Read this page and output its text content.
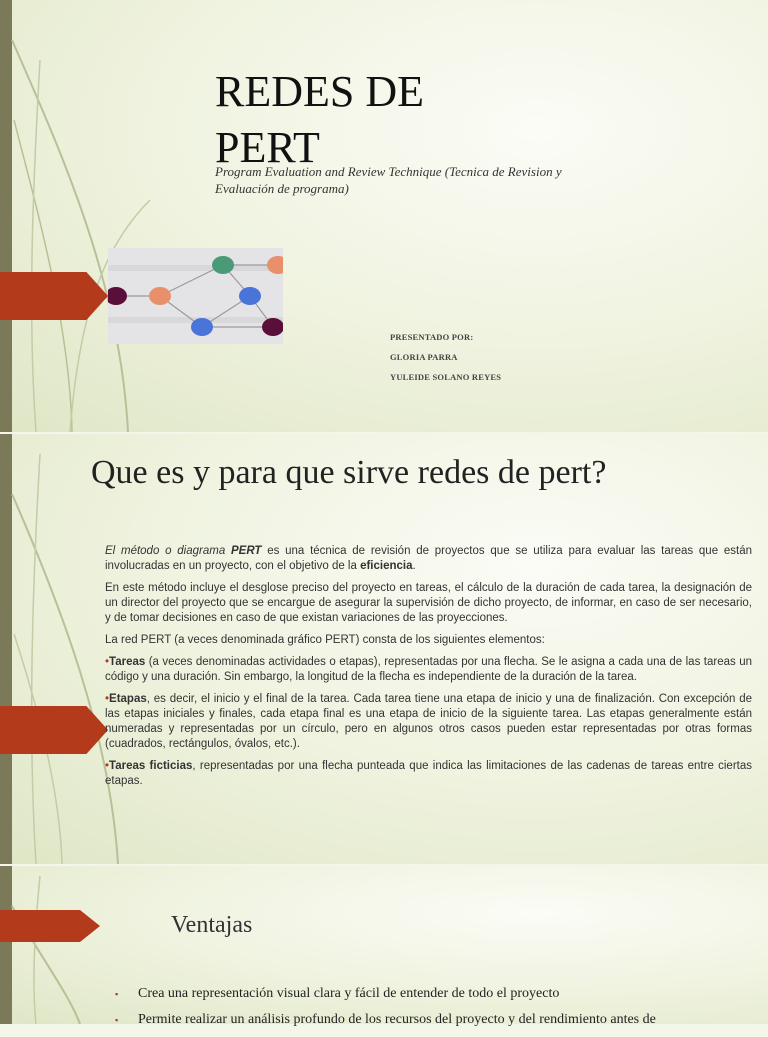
REDES DE PERT
Program Evaluation and Review Technique (Tecnica de Revision y Evaluación de programa)
PRESENTADO POR:
GLORIA PARRA
YULEIDE SOLANO REYES
Que es y para que sirve redes de pert?

El método o diagrama PERT es una técnica de revisión de proyectos que se utiliza para evaluar las tareas que están involucradas en un proyecto, con el objetivo de la eficiencia.

En este método incluye el desglose preciso del proyecto en tareas, el cálculo de la duración de cada tarea, la designación de un director del proyecto que se encargue de asegurar la supervisión de dicho proyecto, de informar, en caso de ser necesario, y de tomar decisiones en caso de que existan variaciones de las proyecciones.

La red PERT (a veces denominada gráfico PERT) consta de los siguientes elementos:

•Tareas (a veces denominadas actividades o etapas), representadas por una flecha. Se le asigna a cada una de las tareas un código y una duración. Sin embargo, la longitud de la flecha es independiente de la duración de la tarea.

•Etapas, es decir, el inicio y el final de la tarea. Cada tarea tiene una etapa de inicio y una de finalización. Con excepción de las etapas iniciales y finales, cada etapa final es una etapa de inicio de la siguiente tarea. Las etapas generalmente están numeradas y representadas por un círculo, pero en algunos otros casos pueden estar representadas por otras formas (cuadrados, rectángulos, óvalos, etc.).

•Tareas ficticias, representadas por una flecha punteada que indica las limitaciones de las cadenas de tareas entre ciertas etapas.

Ventajas
▪ Crea una representación visual clara y fácil de entender de todo el proyecto
▪ Permite realizar un análisis profundo de los recursos del proyecto y del rendimiento antes de
